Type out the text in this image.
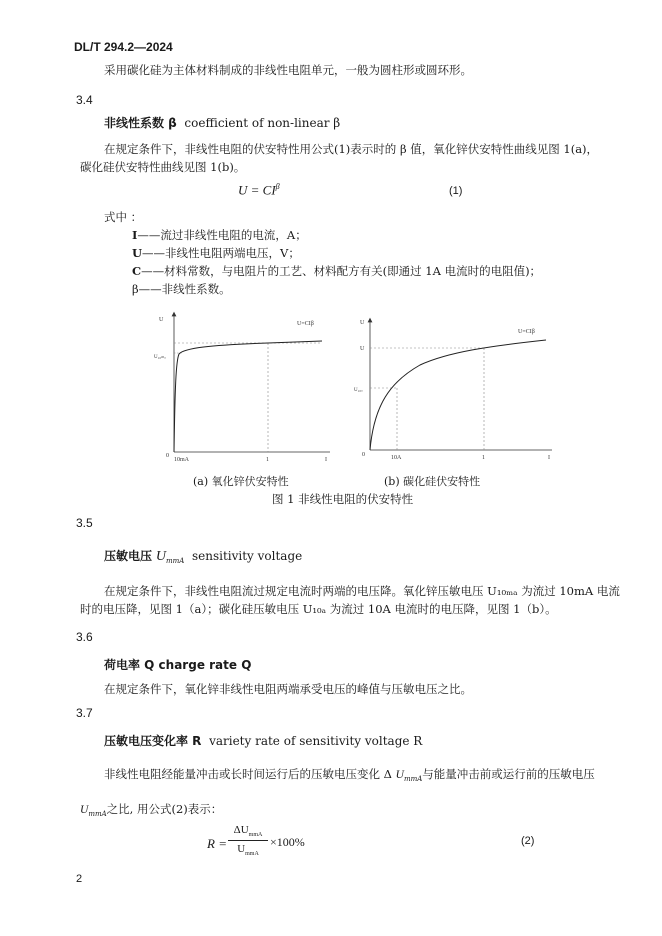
DL/T 294.2—2024
采用碳化硅为主体材料制成的非线性电阻单元，一般为圆柱形或圆环形。
3.4
非线性系数 β coefficient of non-linear β
在规定条件下，非线性电阻的伏安特性用公式(1)表示时的 β 值，氧化锌伏安特性曲线见图 1(a)，
碳化硅伏安特性曲线见图 1(b)。
$U = CI^\beta$	(1)
式中 ：
I——流过非线性电阻的电流，A；
U——非线性电阻两端电压，V；
C——材料常数，与电阻片的工艺、材料配方有关(即通过 1A 电流时的电阻值)；
β——非线性系数。
U=CIβ
U
U₁₀ₘₐ
0
10mA	1	I
(a) 氧化锌伏安特性
U=CIβ
U
U
U₁₀ₐ
0	10A	1	I
(b) 碳化硅伏安特性
图 1 非线性电阻的伏安特性
3.5
压敏电压 $U_{mmA}$ sensitivity voltage
在规定条件下，非线性电阻流过规定电流时两端的电压降。氧化锌压敏电压 U₁₀ₘₐ 为流过 10mA 电流
时的电压降，见图 1（a）；碳化硅压敏电压 U₁₀ₐ 为流过 10A 电流时的电压降，见图 1（b）。
3.6
荷电率 Q charge rate Q
在规定条件下，氧化锌非线性电阻两端承受电压的峰值与压敏电压之比。
3.7
压敏电压变化率 R variety rate of sensitivity voltage R
非线性电阻经能量冲击或长时间运行后的压敏电压变化 Δ $U_{mmA}$与能量冲击前或运行前的压敏电压
$U_{mmA}$之比, 用公式(2)表示：
R =
$\Delta U_{mmA}$
$U_{mmA}$
×100%	(2)
2
